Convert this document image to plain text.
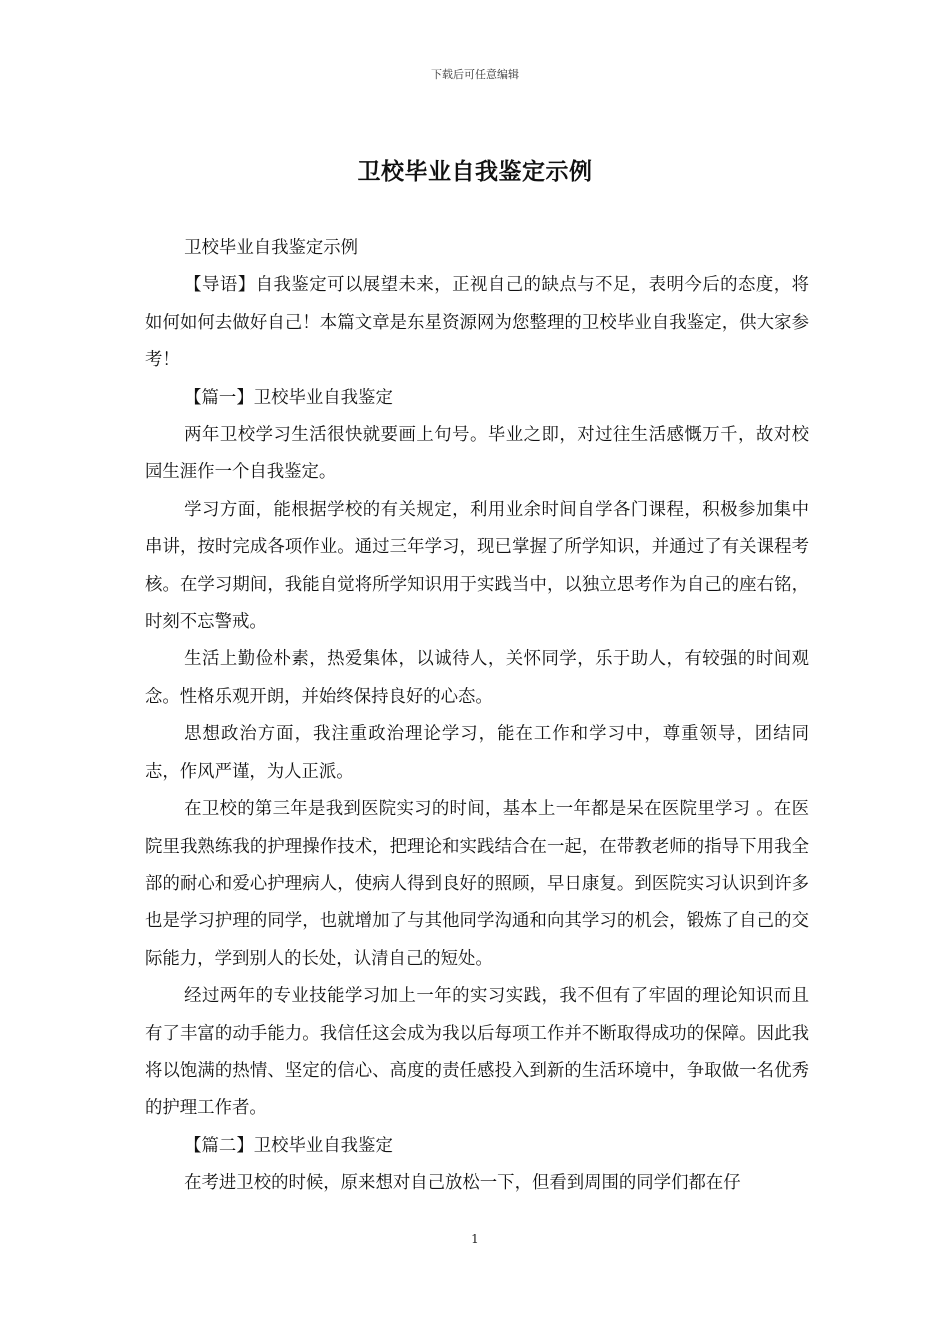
下载后可任意编辑
卫校毕业自我鉴定示例

卫校毕业自我鉴定示例

【导语】自我鉴定可以展望未来，正视自己的缺点与不足，表明今后的态度，将如何如何去做好自己！本篇文章是东星资源网为您整理的卫校毕业自我鉴定，供大家参考！

【篇一】卫校毕业自我鉴定

两年卫校学习生活很快就要画上句号。毕业之即，对过往生活感慨万千，故对校园生涯作一个自我鉴定。

学习方面，能根据学校的有关规定，利用业余时间自学各门课程，积极参加集中串讲，按时完成各项作业。通过三年学习，现已掌握了所学知识，并通过了有关课程考核。在学习期间，我能自觉将所学知识用于实践当中，以独立思考作为自己的座右铭，时刻不忘警戒。

生活上勤俭朴素，热爱集体，以诚待人，关怀同学，乐于助人，有较强的时间观念。性格乐观开朗，并始终保持良好的心态。

思想政治方面，我注重政治理论学习，能在工作和学习中，尊重领导，团结同志，作风严谨，为人正派。

在卫校的第三年是我到医院实习的时间，基本上一年都是呆在医院里学习 。在医院里我熟练我的护理操作技术，把理论和实践结合在一起，在带教老师的指导下用我全部的耐心和爱心护理病人，使病人得到良好的照顾，早日康复。到医院实习认识到许多也是学习护理的同学，也就增加了与其他同学沟通和向其学习的机会，锻炼了自己的交际能力，学到别人的长处，认清自己的短处。

经过两年的专业技能学习加上一年的实习实践，我不但有了牢固的理论知识而且有了丰富的动手能力。我信任这会成为我以后每项工作并不断取得成功的保障。因此我将以饱满的热情、坚定的信心、高度的责任感投入到新的生活环境中，争取做一名优秀的护理工作者。

【篇二】卫校毕业自我鉴定

在考进卫校的时候，原来想对自己放松一下，但看到周围的同学们都在仔

1
